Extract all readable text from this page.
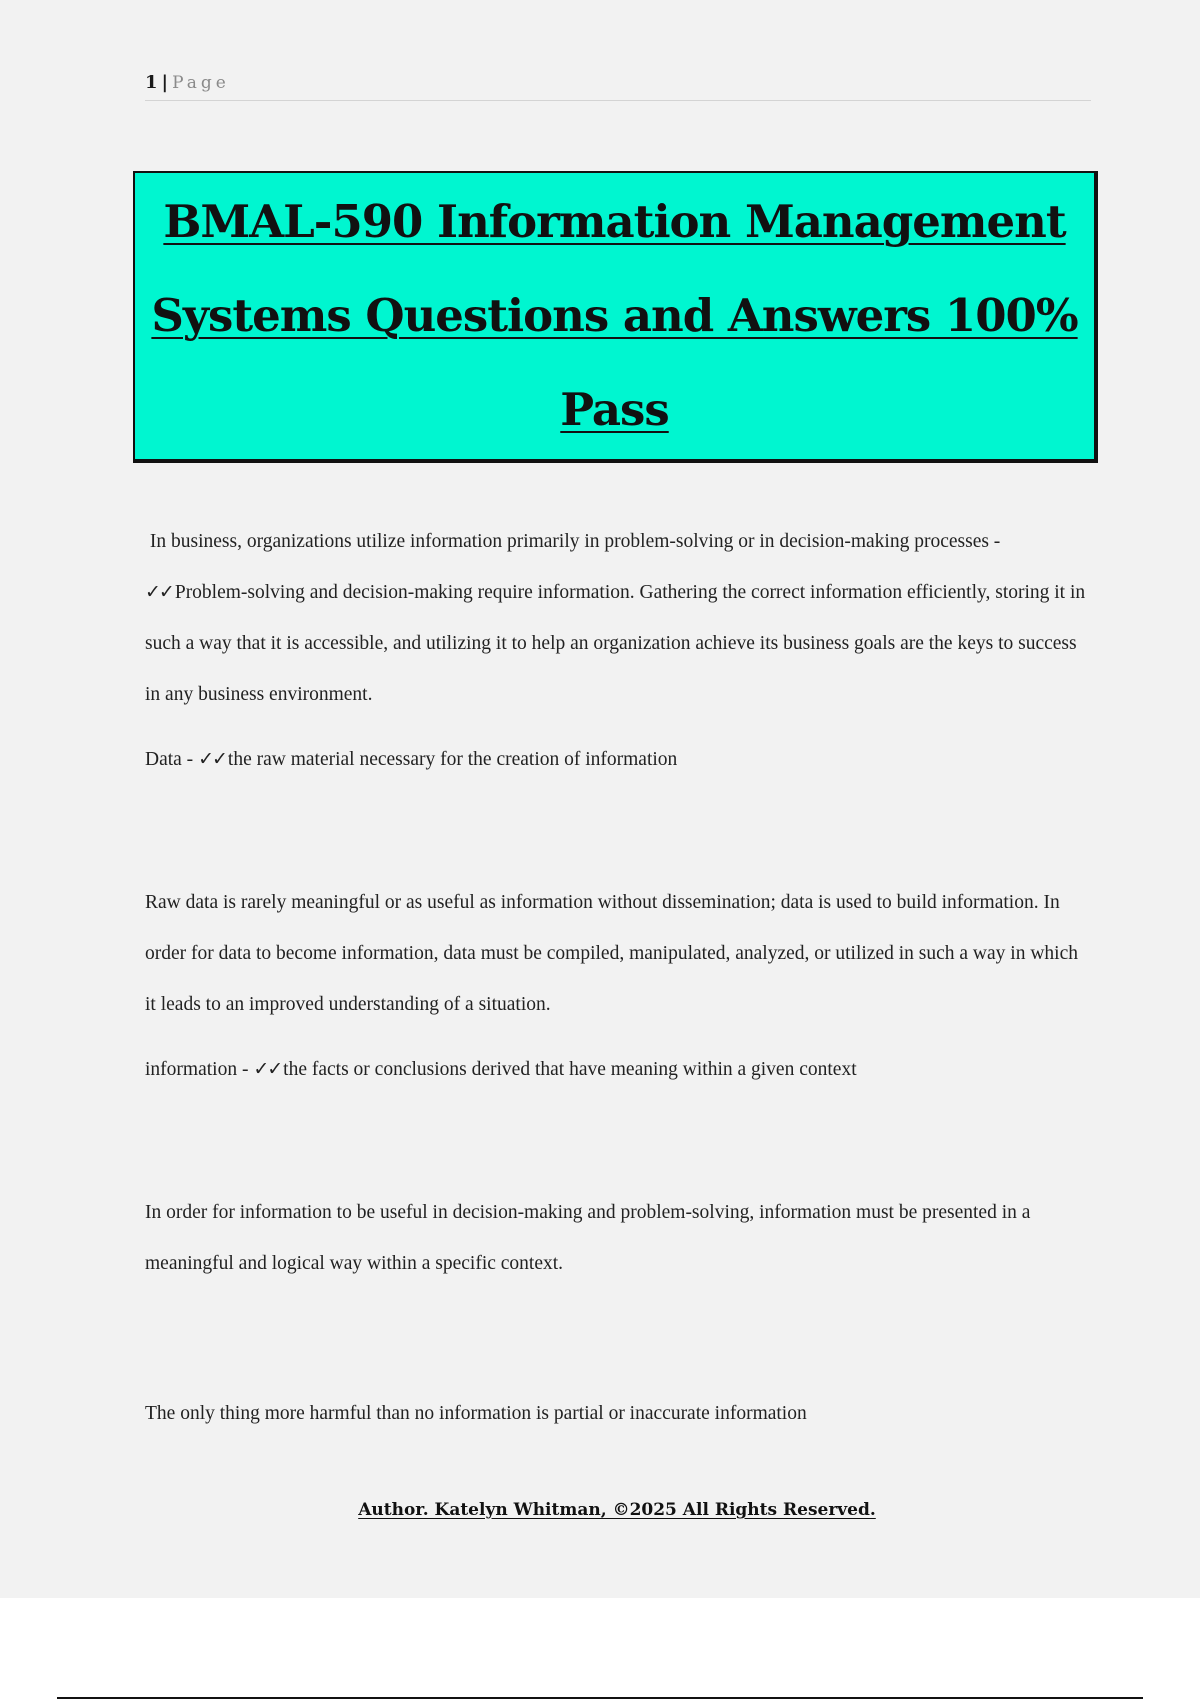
1 | Page
BMAL-590 Information Management
Systems Questions and Answers 100%
Pass

In business, organizations utilize information primarily in problem-solving or in decision-making processes - ✓✓ Problem-solving and decision-making require information. Gathering the correct information efficiently, storing it in such a way that it is accessible, and utilizing it to help an organization achieve its business goals are the keys to success in any business environment.

Data - ✓✓ the raw material necessary for the creation of information

Raw data is rarely meaningful or as useful as information without dissemination; data is used to build information. In order for data to become information, data must be compiled, manipulated, analyzed, or utilized in such a way in which it leads to an improved understanding of a situation.

information - ✓✓ the facts or conclusions derived that have meaning within a given context

In order for information to be useful in decision-making and problem-solving, information must be presented in a meaningful and logical way within a specific context.

The only thing more harmful than no information is partial or inaccurate information

Author. Katelyn Whitman, ©2025 All Rights Reserved.
